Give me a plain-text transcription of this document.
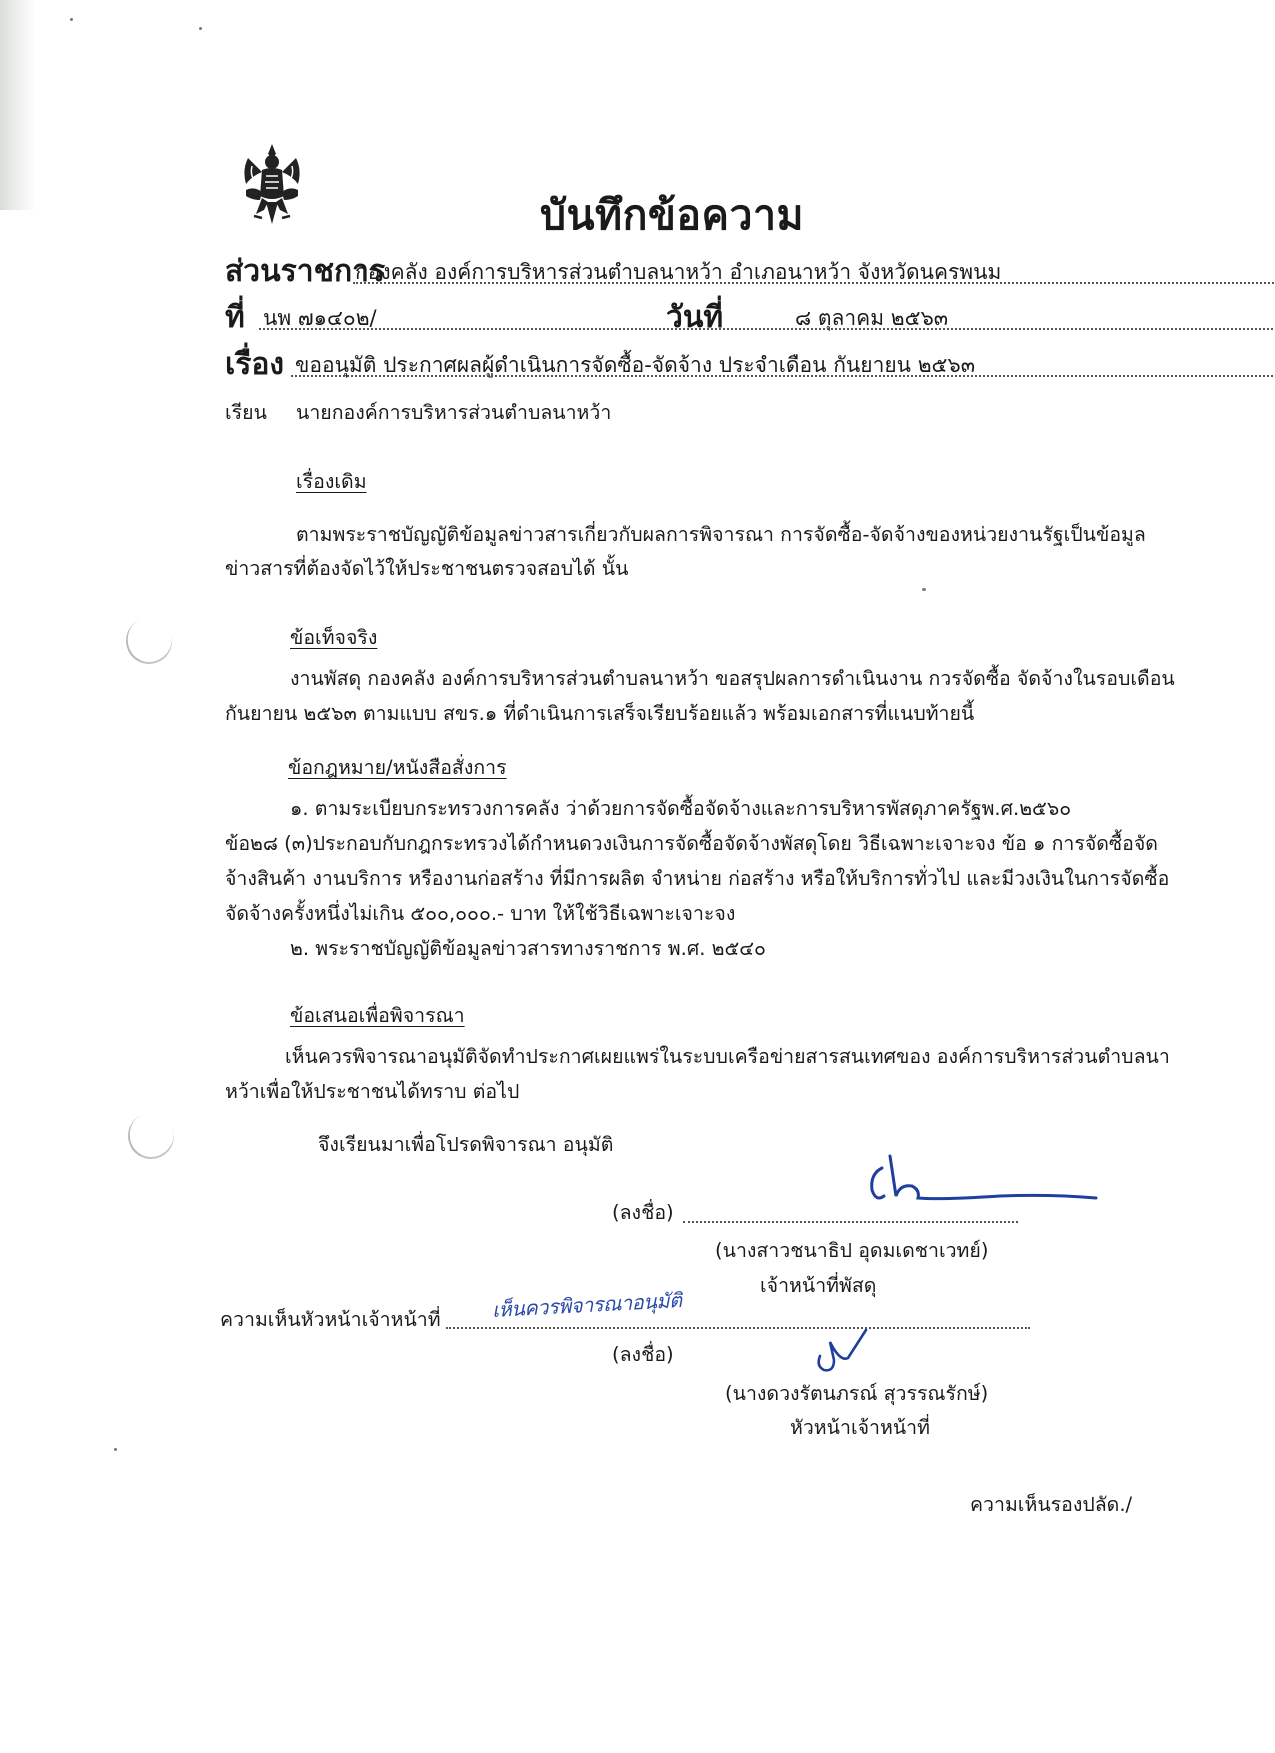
บันทึกข้อความ
ส่วนราชการ
กองคลัง องค์การบริหารส่วนตำบลนาหว้า อำเภอนาหว้า จังหวัดนครพนม
ที่ นพ ๗๑๔๐๒/	วันที่	๘ ตุลาคม ๒๕๖๓
เรื่อง ขออนุมัติ ประกาศผลผู้ดำเนินการจัดซื้อ-จัดจ้าง ประจำเดือน กันยายน ๒๕๖๓
เรียน นายกองค์การบริหารส่วนตำบลนาหว้า
เรื่องเดิม
ตามพระราชบัญญัติข้อมูลข่าวสารเกี่ยวกับผลการพิจารณา การจัดซื้อ-จัดจ้างของหน่วยงานรัฐเป็นข้อมูล
ข่าวสารที่ต้องจัดไว้ให้ประชาชนตรวจสอบได้ นั้น
ข้อเท็จจริง
งานพัสดุ กองคลัง องค์การบริหารส่วนตำบลนาหว้า ขอสรุปผลการดำเนินงาน กวรจัดซื้อ จัดจ้างในรอบเดือน
กันยายน ๒๕๖๓ ตามแบบ สขร.๑ ที่ดำเนินการเสร็จเรียบร้อยแล้ว พร้อมเอกสารที่แนบท้ายนี้
ข้อกฎหมาย/หนังสือสั่งการ
๑. ตามระเบียบกระทรวงการคลัง ว่าด้วยการจัดซื้อจัดจ้างและการบริหารพัสดุภาครัฐพ.ศ.๒๕๖๐
ข้อ๒๘ (๓)ประกอบกับกฎกระทรวงได้กำหนดวงเงินการจัดซื้อจัดจ้างพัสดุโดย วิธีเฉพาะเจาะจง ข้อ ๑ การจัดซื้อจัด
จ้างสินค้า งานบริการ หรืองานก่อสร้าง ที่มีการผลิต จำหน่าย ก่อสร้าง หรือให้บริการทั่วไป และมีวงเงินในการจัดซื้อ
จัดจ้างครั้งหนึ่งไม่เกิน ๕๐๐,๐๐๐.- บาท ให้ใช้วิธีเฉพาะเจาะจง
๒. พระราชบัญญัติข้อมูลข่าวสารทางราชการ พ.ศ. ๒๕๔๐
ข้อเสนอเพื่อพิจารณา
เห็นควรพิจารณาอนุมัติจัดทำประกาศเผยแพร่ในระบบเครือข่ายสารสนเทศของ องค์การบริหารส่วนตำบลนา
หว้าเพื่อให้ประชาชนได้ทราบ ต่อไป
จึงเรียนมาเพื่อโปรดพิจารณา อนุมัติ
(ลงชื่อ)
(นางสาวชนาธิป อุดมเดชาเวทย์)
เจ้าหน้าที่พัสดุ
ความเห็นหัวหน้าเจ้าหน้าที่	เห็นควรพิจารณาอนุมัติ
(ลงชื่อ)
(นางดวงรัตนภรณ์ สุวรรณรักษ์)
หัวหน้าเจ้าหน้าที่
ความเห็นรองปลัด./
